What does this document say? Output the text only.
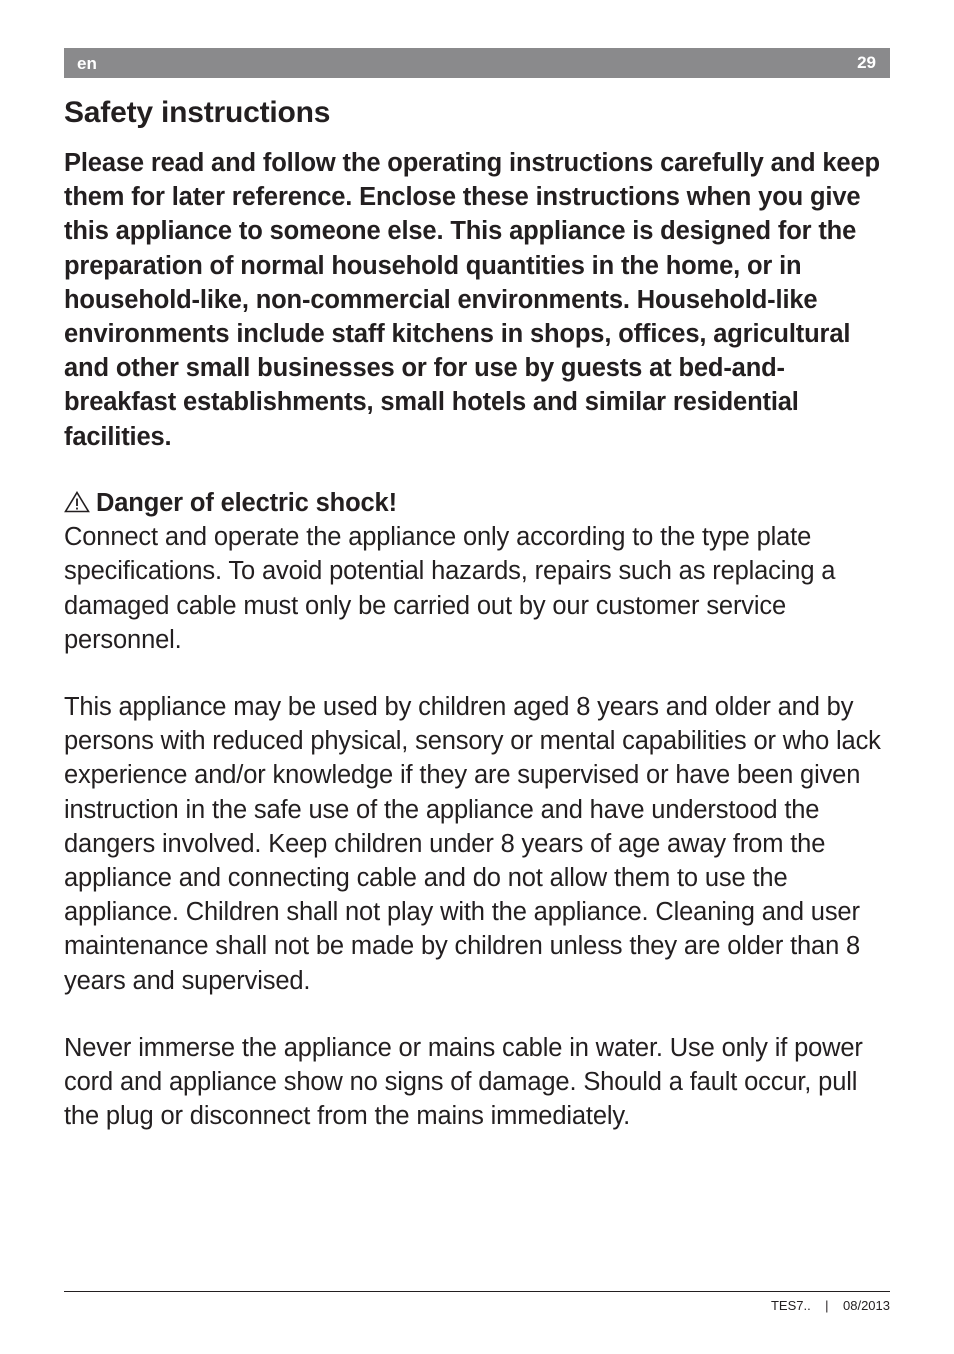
en	29
Safety instructions

Please read and follow the operating instructions carefully and keep them for later reference. Enclose these instructions when you give this appliance to someone else. This appliance is designed for the preparation of normal household quantities in the home, or in household-like, non-commercial environments. Household-like environments include staff kitchens in shops, offices, agricultural and other small businesses or for use by guests at bed-and-breakfast establishments, small hotels and similar residential facilities.

Danger of electric shock!
Connect and operate the appliance only according to the type plate specifications. To avoid potential hazards, repairs such as replacing a damaged cable must only be carried out by our customer service personnel.

This appliance may be used by children aged 8 years and older and by persons with reduced physical, sensory or mental capabilities or who lack experience and/or knowledge if they are supervised or have been given instruction in the safe use of the appliance and have understood the dangers involved. Keep children under 8 years of age away from the appliance and connecting cable and do not allow them to use the appliance. Children shall not play with the appliance. Cleaning and user maintenance shall not be made by children unless they are older than 8 years and supervised.

Never immerse the appliance or mains cable in water. Use only if power cord and appliance show no signs of damage. Should a fault occur, pull the plug or disconnect from the mains immediately.

TES7.. | 08/2013
